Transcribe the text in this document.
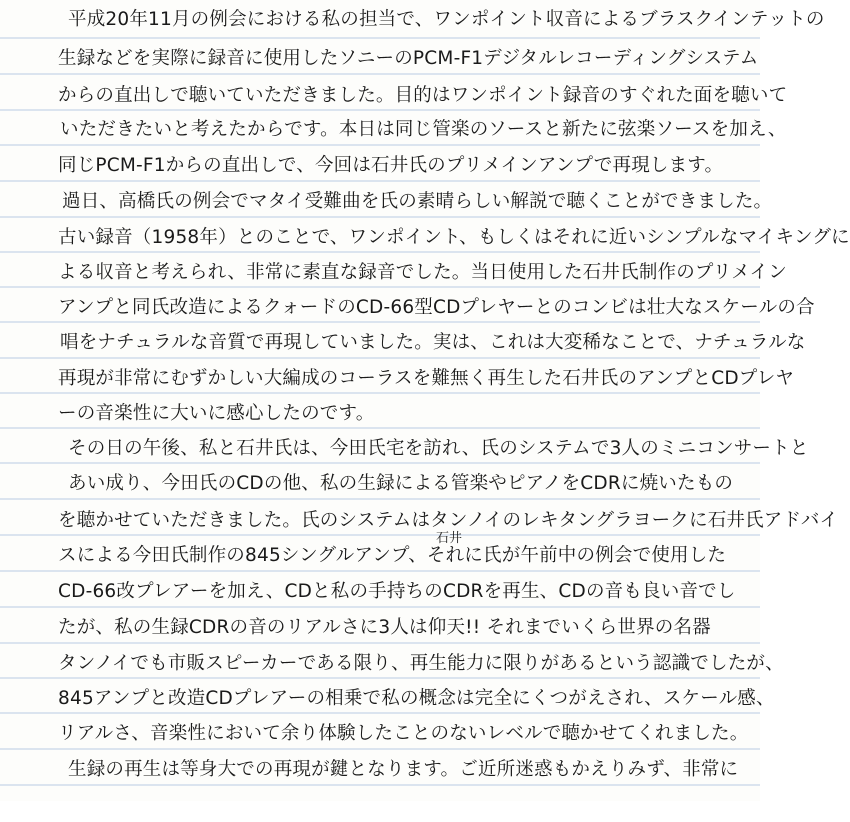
平成20年11月の例会における私の担当で、ワンポイント収音によるブラスクインテットの
生録などを実際に録音に使用したソニーのPCM-F1デジタルレコーディングシステム
からの直出しで聴いていただきました。目的はワンポイント録音のすぐれた面を聴いて
いただきたいと考えたからです。本日は同じ管楽のソースと新たに弦楽ソースを加え、
同じPCM-F1からの直出しで、今回は石井氏のプリメインアンプで再現します。
過日、高橋氏の例会でマタイ受難曲を氏の素晴らしい解説で聴くことができました。
古い録音（1958年）とのことで、ワンポイント、もしくはそれに近いシンプルなマイキングに
よる収音と考えられ、非常に素直な録音でした。当日使用した石井氏制作のプリメイン
アンプと同氏改造によるクォードのCD-66型CDプレヤーとのコンビは壮大なスケールの合
唱をナチュラルな音質で再現していました。実は、これは大変稀なことで、ナチュラルな
再現が非常にむずかしい大編成のコーラスを難無く再生した石井氏のアンプとCDプレヤ
ーの音楽性に大いに感心したのです。
その日の午後、私と石井氏は、今田氏宅を訪れ、氏のシステムで3人のミニコンサートと
あい成り、今田氏のCDの他、私の生録による管楽やピアノをCDRに焼いたもの
を聴かせていただきました。氏のシステムはタンノイのレキタングラヨークに石井氏アドバイ
スによる今田氏制作の845シングルアンプ、それに氏が午前中の例会で使用した
CD-66改プレアーを加え、CDと私の手持ちのCDRを再生、CDの音も良い音でし
たが、私の生録CDRの音のリアルさに3人は仰天!! それまでいくら世界の名器
タンノイでも市販スピーカーである限り、再生能力に限りがあるという認識でしたが、
845アンプと改造CDプレアーの相乗で私の概念は完全にくつがえされ、スケール感、
リアルさ、音楽性において余り体験したことのないレベルで聴かせてくれました。
生録の再生は等身大での再現が鍵となります。ご近所迷惑もかえりみず、非常に
石井
